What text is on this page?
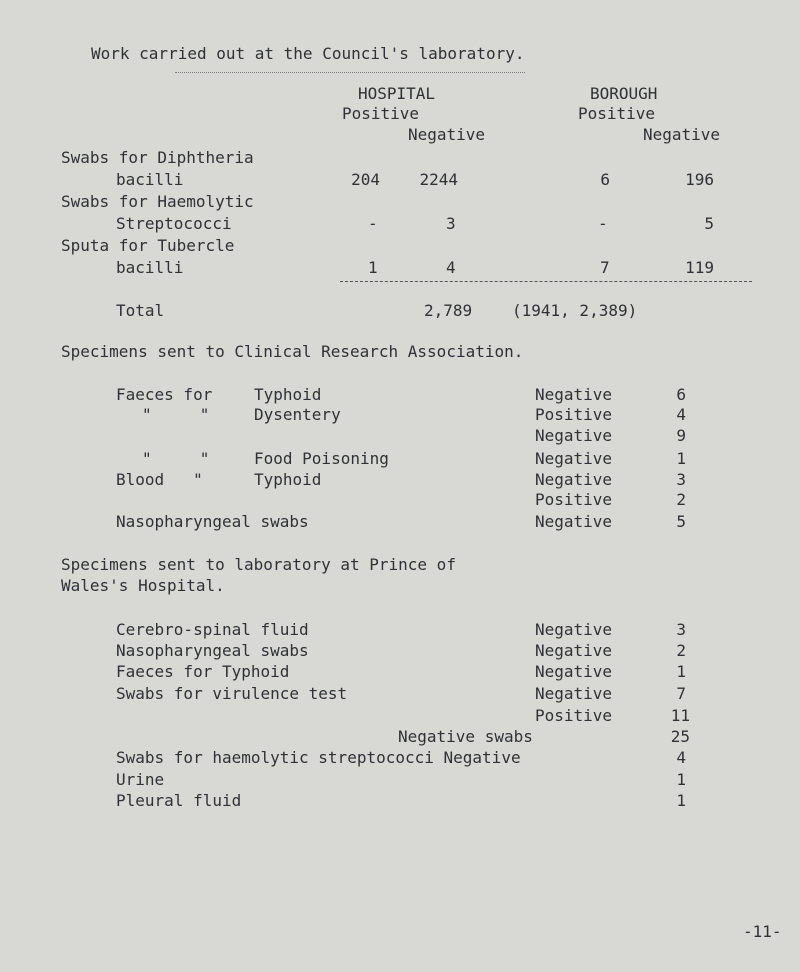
Work carried out at the Council's laboratory.
HOSPITAL	BOROUGH
Positive	Positive
Negative	Negative
Swabs for Diphtheria
bacilli	204	2244	6	196
Swabs for Haemolytic
Streptococci	-	3	-	5
Sputa for Tubercle
bacilli	1	4	7	119
Total	2,789 (1941, 2,389)
Specimens sent to Clinical Research Association.
Faeces for	Typhoid	Negative	6
"     "	Dysentery	Positive	4
Negative	9
"     "	Food Poisoning	Negative	1
Blood   "	Typhoid	Negative	3
Positive	2
Nasopharyngeal swabs	Negative	5
Specimens sent to laboratory at Prince of
Wales's Hospital.
Cerebro-spinal fluid	Negative	3
Nasopharyngeal swabs	Negative	2
Faeces for Typhoid	Negative	1
Swabs for virulence test	Negative	7
Positive	11
Negative swabs	25
Swabs for haemolytic streptococci Negative	4
Urine	1
Pleural fluid	1
-11-
